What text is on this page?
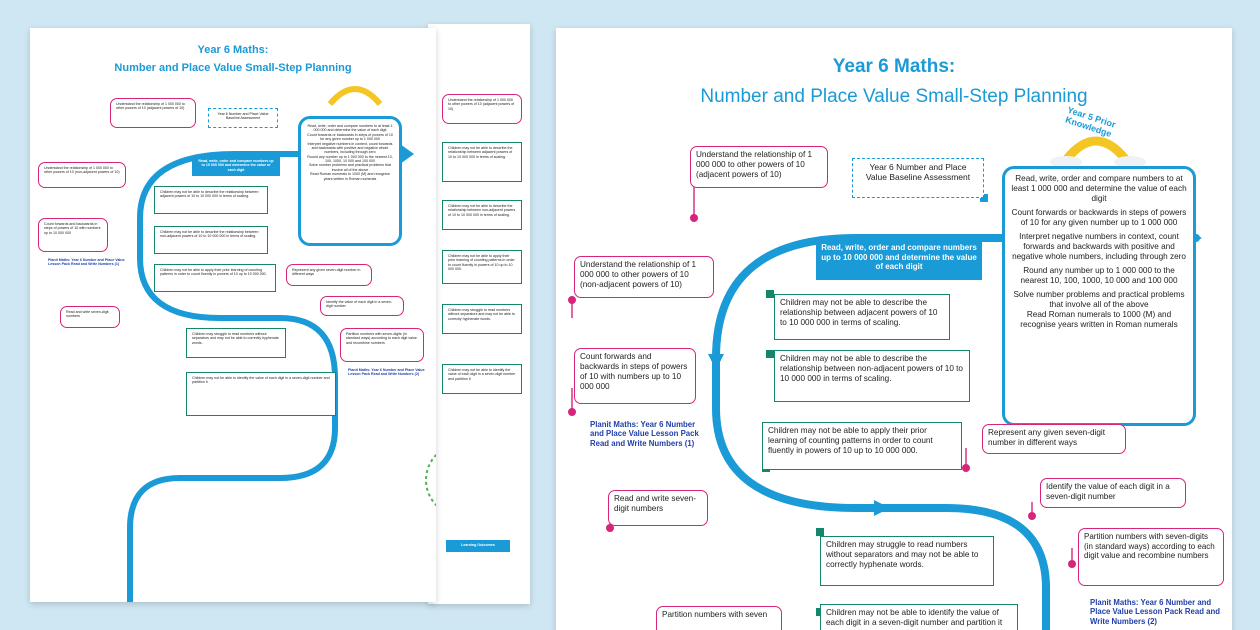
Understand the relationship of 1 000 000 to other powers of 10 (adjacent powers of 10)
Children may not be able to describe the relationship between adjacent powers of 10 to 10 000 000 in terms of scaling.
Children may not be able to describe the relationship between non-adjacent powers of 10 to 10 000 000 in terms of scaling.
Children may not be able to apply their prior learning of counting patterns in order to count fluently in powers of 10 up to 10 000 000.
Children may struggle to read numbers without separators and may not be able to correctly hyphenate words.
Children may not be able to identify the value of each digit in a seven-digit number and partition it
Learning Outcomes
Year 6 Maths:
Number and Place Value Small-Step Planning
Read, write, order and compare numbers to at least 1 000 000 and determine the value of each digit
Count forwards or backwards in steps of powers of 10 for any given number up to 1 000 000
Interpret negative numbers in context, count forwards and backwards with positive and negative whole numbers, including through zero
Round any number up to 1 000 000 to the nearest 10, 100, 1000, 10 000 and 100 000
Solve number problems and practical problems that involve all of the above
Read Roman numerals to 1000 (M) and recognise years written in Roman numerals
Year 6 Number and Place Value Baseline Assessment
Read, write, order and compare numbers up to 10 000 000 and determine the value of each digit
Understand the relationship of 1 000 000 to other powers of 10 (adjacent powers of 10)
Understand the relationship of 1 000 000 to other powers of 10 (non-adjacent powers of 10)
Count forwards and backwards in steps of powers of 10 with numbers up to 10 000 000
Planit Maths: Year 6 Number and Place Value Lesson Pack Read and Write Numbers (1)
Read and write seven-digit numbers
Represent any given seven-digit number in different ways
Identify the value of each digit in a seven-digit number
Partition numbers with seven-digits (in standard ways) according to each digit value and recombine numbers
Planit Maths: Year 6 Number and Place Value Lesson Pack Read and Write Numbers (2)
Children may not be able to describe the relationship between adjacent powers of 10 to 10 000 000 in terms of scaling.
Children may not be able to describe the relationship between non-adjacent powers of 10 to 10 000 000 in terms of scaling.
Children may not be able to apply their prior learning of counting patterns in order to count fluently in powers of 10 up to 10 000 000.
Children may struggle to read numbers without separators and may not be able to correctly hyphenate words.
Children may not be able to identify the value of each digit in a seven-digit number and partition it
Year 6 Maths:
Number and Place Value Small-Step Planning
Year 5 Prior Knowledge
Year 6 Number and Place Value Baseline Assessment	Read, write, order and compare numbers to at least 1 000 000 and determine the value of each digit

Count forwards or backwards in steps of powers of 10 for any given number up to 1 000 000

Interpret negative numbers in context, count forwards and backwards with positive and negative whole numbers, including through zero

Round any number up to 1 000 000 to the nearest 10, 100, 1000, 10 000 and 100 000

Solve number problems and practical problems that involve all of the above

Read Roman numerals to 1000 (M) and recognise years written in Roman numerals

Read, write, order and compare numbers up to 10 000 000 and determine the value of each digit
Understand the relationship of 1 000 000 to other powers of 10 (adjacent powers of 10)
Understand the relationship of 1 000 000 to other powers of 10 (non-adjacent powers of 10)
Count forwards and backwards in steps of powers of 10 with numbers up to 10 000 000
Planit Maths: Year 6 Number and Place Value Lesson Pack Read and Write Numbers (1)
Read and write seven-digit numbers
Represent any given seven-digit number in different ways
Identify the value of each digit in a seven-digit number
Partition numbers with seven-digits (in standard ways) according to each digit value and recombine numbers
Planit Maths: Year 6 Number and Place Value Lesson Pack Read and Write Numbers (2)
Partition numbers with seven
Children may not be able to describe the relationship between adjacent powers of 10 to 10 000 000 in terms of scaling.
Children may not be able to describe the relationship between non-adjacent powers of 10 to 10 000 000 in terms of scaling.
Children may not be able to apply their prior learning of counting patterns in order to count fluently in powers of 10 up to 10 000 000.
Children may struggle to read numbers without separators and may not be able to correctly hyphenate words.
Children may not be able to identify the value of each digit in a seven-digit number and partition it
